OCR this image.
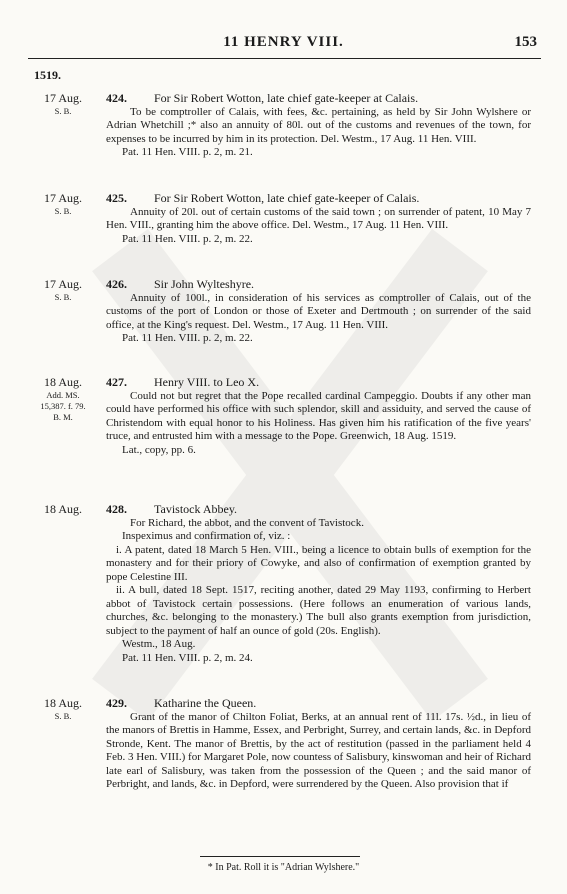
11 HENRY VIII.	153
1519.
17 Aug.
S. B.
424. For Sir Robert Wotton, late chief gate-keeper at Calais.
To be comptroller of Calais, with fees, &c. pertaining, as held by Sir John Wylshere or Adrian Whetchill ;* also an annuity of 80l. out of the customs and revenues of the town, for expenses to be incurred by him in its protection. Del. Westm., 17 Aug. 11 Hen. VIII.
Pat. 11 Hen. VIII. p. 2, m. 21.
17 Aug.
S. B.
425. For Sir Robert Wotton, late chief gate-keeper of Calais.
Annuity of 20l. out of certain customs of the said town ; on surrender of patent, 10 May 7 Hen. VIII., granting him the above office. Del. Westm., 17 Aug. 11 Hen. VIII.
Pat. 11 Hen. VIII. p. 2, m. 22.
17 Aug.
S. B.
426. Sir John Wylteshyre.
Annuity of 100l., in consideration of his services as comptroller of Calais, out of the customs of the port of London or those of Exeter and Dertmouth ; on surrender of the said office, at the King's request. Del. Westm., 17 Aug. 11 Hen. VIII.
Pat. 11 Hen. VIII. p. 2, m. 22.
18 Aug.
Add. MS.
15,387. f. 79.
B. M.
427. Henry VIII. to Leo X.
Could not but regret that the Pope recalled cardinal Campeggio. Doubts if any other man could have performed his office with such splendor, skill and assiduity, and served the cause of Christendom with equal honor to his Holiness. Has given him his ratification of the five years' truce, and entrusted him with a message to the Pope. Greenwich, 18 Aug. 1519.
Lat., copy, pp. 6.
18 Aug.	428. Tavistock Abbey.
For Richard, the abbot, and the convent of Tavistock.
Inspeximus and confirmation of, viz. :
i. A patent, dated 18 March 5 Hen. VIII., being a licence to obtain bulls of exemption for the monastery and for their priory of Cowyke, and also of confirmation of exemption granted by pope Celestine III.
ii. A bull, dated 18 Sept. 1517, reciting another, dated 29 May 1193, confirming to Herbert abbot of Tavistock certain possessions. (Here follows an enumeration of various lands, churches, &c. belonging to the monastery.) The bull also grants exemption from jurisdiction, subject to the payment of half an ounce of gold (20s. English).
Westm., 18 Aug.
Pat. 11 Hen. VIII. p. 2, m. 24.
18 Aug.
S. B.
429. Katharine the Queen.
Grant of the manor of Chilton Foliat, Berks, at an annual rent of 11l. 17s. ½d., in lieu of the manors of Brettis in Hamme, Essex, and Perbright, Surrey, and certain lands, &c. in Depford Stronde, Kent. The manor of Brettis, by the act of restitution (passed in the parliament held 4 Feb. 3 Hen. VIII.) for Margaret Pole, now countess of Salisbury, kinswoman and heir of Richard late earl of Salisbury, was taken from the possession of the Queen ; and the said manor of Perbright, and lands, &c. in Depford, were surrendered by the Queen. Also provision that if
* In Pat. Roll it is "Adrian Wylshere."
